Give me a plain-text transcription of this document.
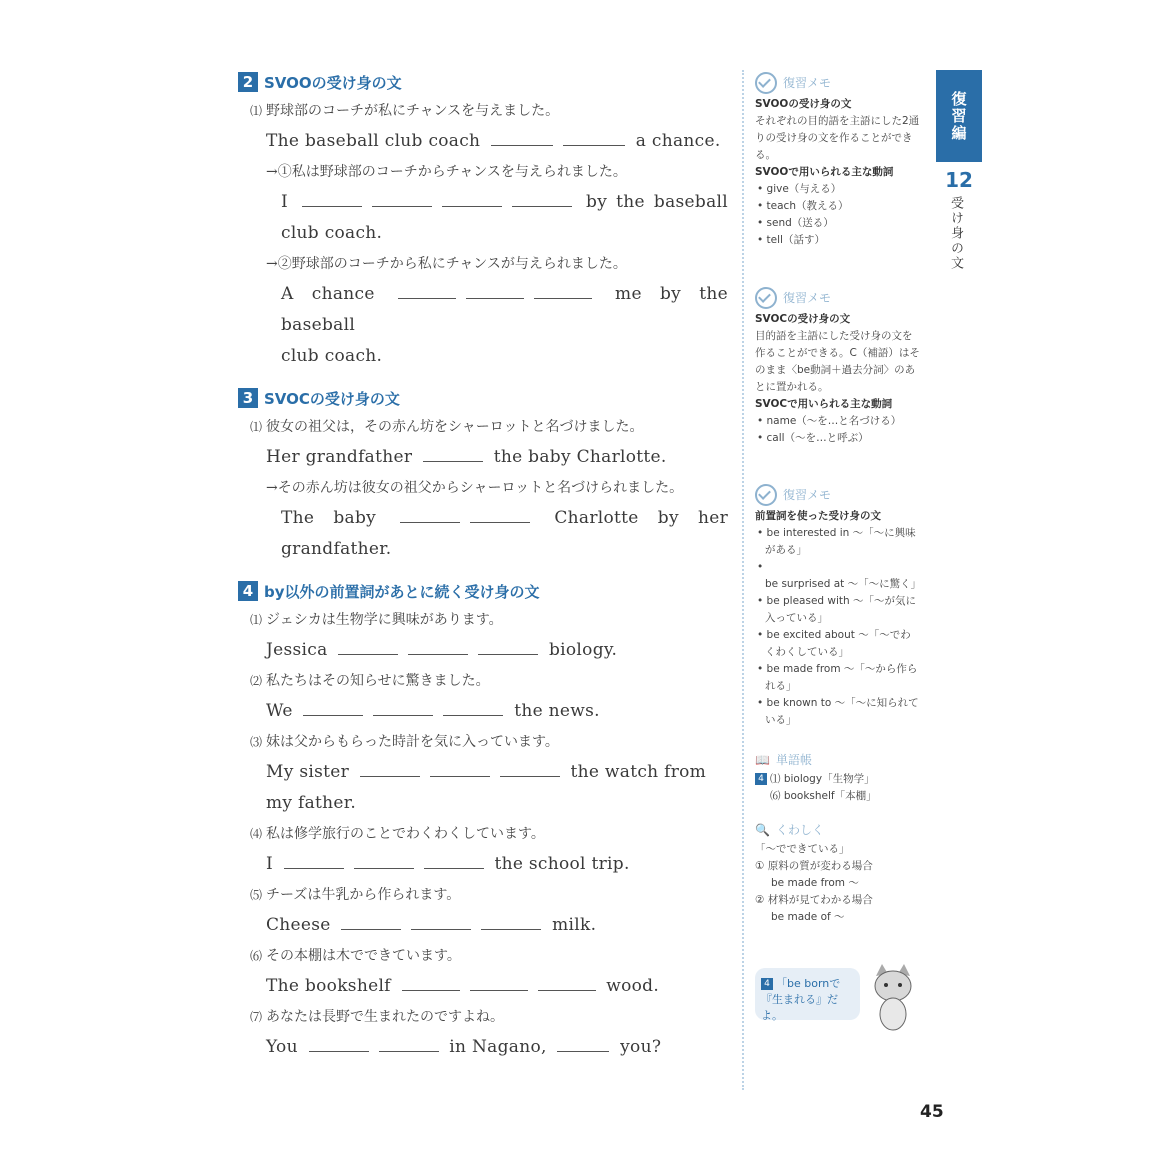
2 SVOOの受け身の文
⑴ 野球部のコーチが私にチャンスを与えました。
The baseball club coach	a chance.
→①私は野球部のコーチからチャンスを与えられました。
I	by the baseball
club coach.
→②野球部のコーチから私にチャンスが与えられました。
A chance	me by the baseball
club coach.
3 SVOCの受け身の文
⑴ 彼女の祖父は，その赤ん坊をシャーロットと名づけました。
Her grandfather	the baby Charlotte.
→その赤ん坊は彼女の祖父からシャーロットと名づけられました。
The baby	Charlotte by her
grandfather.
4 by以外の前置詞があとに続く受け身の文
⑴ ジェシカは生物学に興味があります。
Jessica	biology.
⑵ 私たちはその知らせに驚きました。
We	the news.
⑶ 妹は父からもらった時計を気に入っています。
My sister	the watch from
my father.
⑷ 私は修学旅行のことでわくわくしています。
I	the school trip.
⑸ チーズは牛乳から作られます。
Cheese	milk.
⑹ その本棚は木でできています。
The bookshelf	wood.
⑺ あなたは長野で生まれたのですよね。
You	in Nagano,	you?
復習メモ
SVOOの受け身の文
それぞれの目的語を主語にした2通りの受け身の文を作ることができる。
SVOOで用いられる主な動詞
• give（与える）
• teach（教える）
• send（送る）
• tell（話す）
復習メモ
SVOCの受け身の文
目的語を主語にした受け身の文を作ることができる。C（補語）はそのまま〈be動詞＋過去分詞〉のあとに置かれる。
SVOCで用いられる主な動詞
• name（～を…と名づける）
• call（～を…と呼ぶ）
復習メモ
前置詞を使った受け身の文
• be interested in ～「～に興味がある」
• be surprised at ～「～に驚く」
• be pleased with ～「～が気に入っている」
• be excited about ～「～でわくわくしている」
• be made from ～「～から作られる」
• be known to ～「～に知られている」
📖 単語帳
4 ⑴ biology「生物学」
⑹ bookshelf「本棚」
🔍 くわしく
「～でできている」
① 原料の質が変わる場合
be made from ～
② 材料が見てわかる場合
be made of ～
4 「be bornで『生まれる』だよ。
復習編
12
受け身の文
45
